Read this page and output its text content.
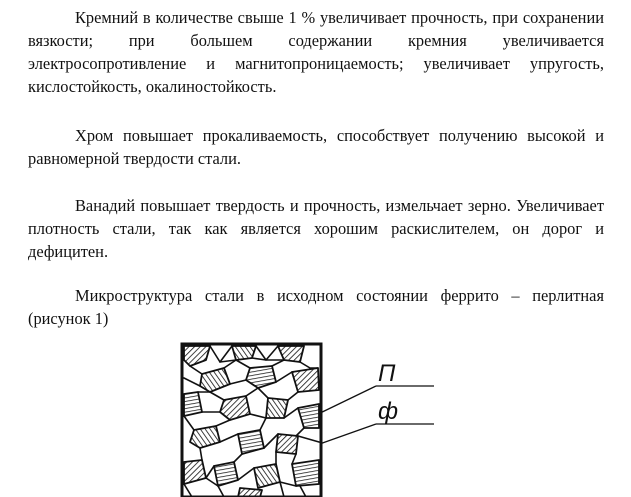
Кремний в количестве свыше 1 % увеличивает прочность, при сохранении вязкости; при большем содержании кремния увеличивается электросопротивление и магнитопроницаемость; увеличивает упругость, кислостойкость, окалиностойкость.

Хром повышает прокаливаемость, способствует получению высокой и равномерной твердости стали.

Ванадий повышает твердость и прочность, измельчает зерно. Увеличивает плотность стали, так как является хорошим раскислителем, он дорог и дефицитен.

Микроструктура стали в исходном состоянии феррито – перлитная (рисунок 1)

П
ф
